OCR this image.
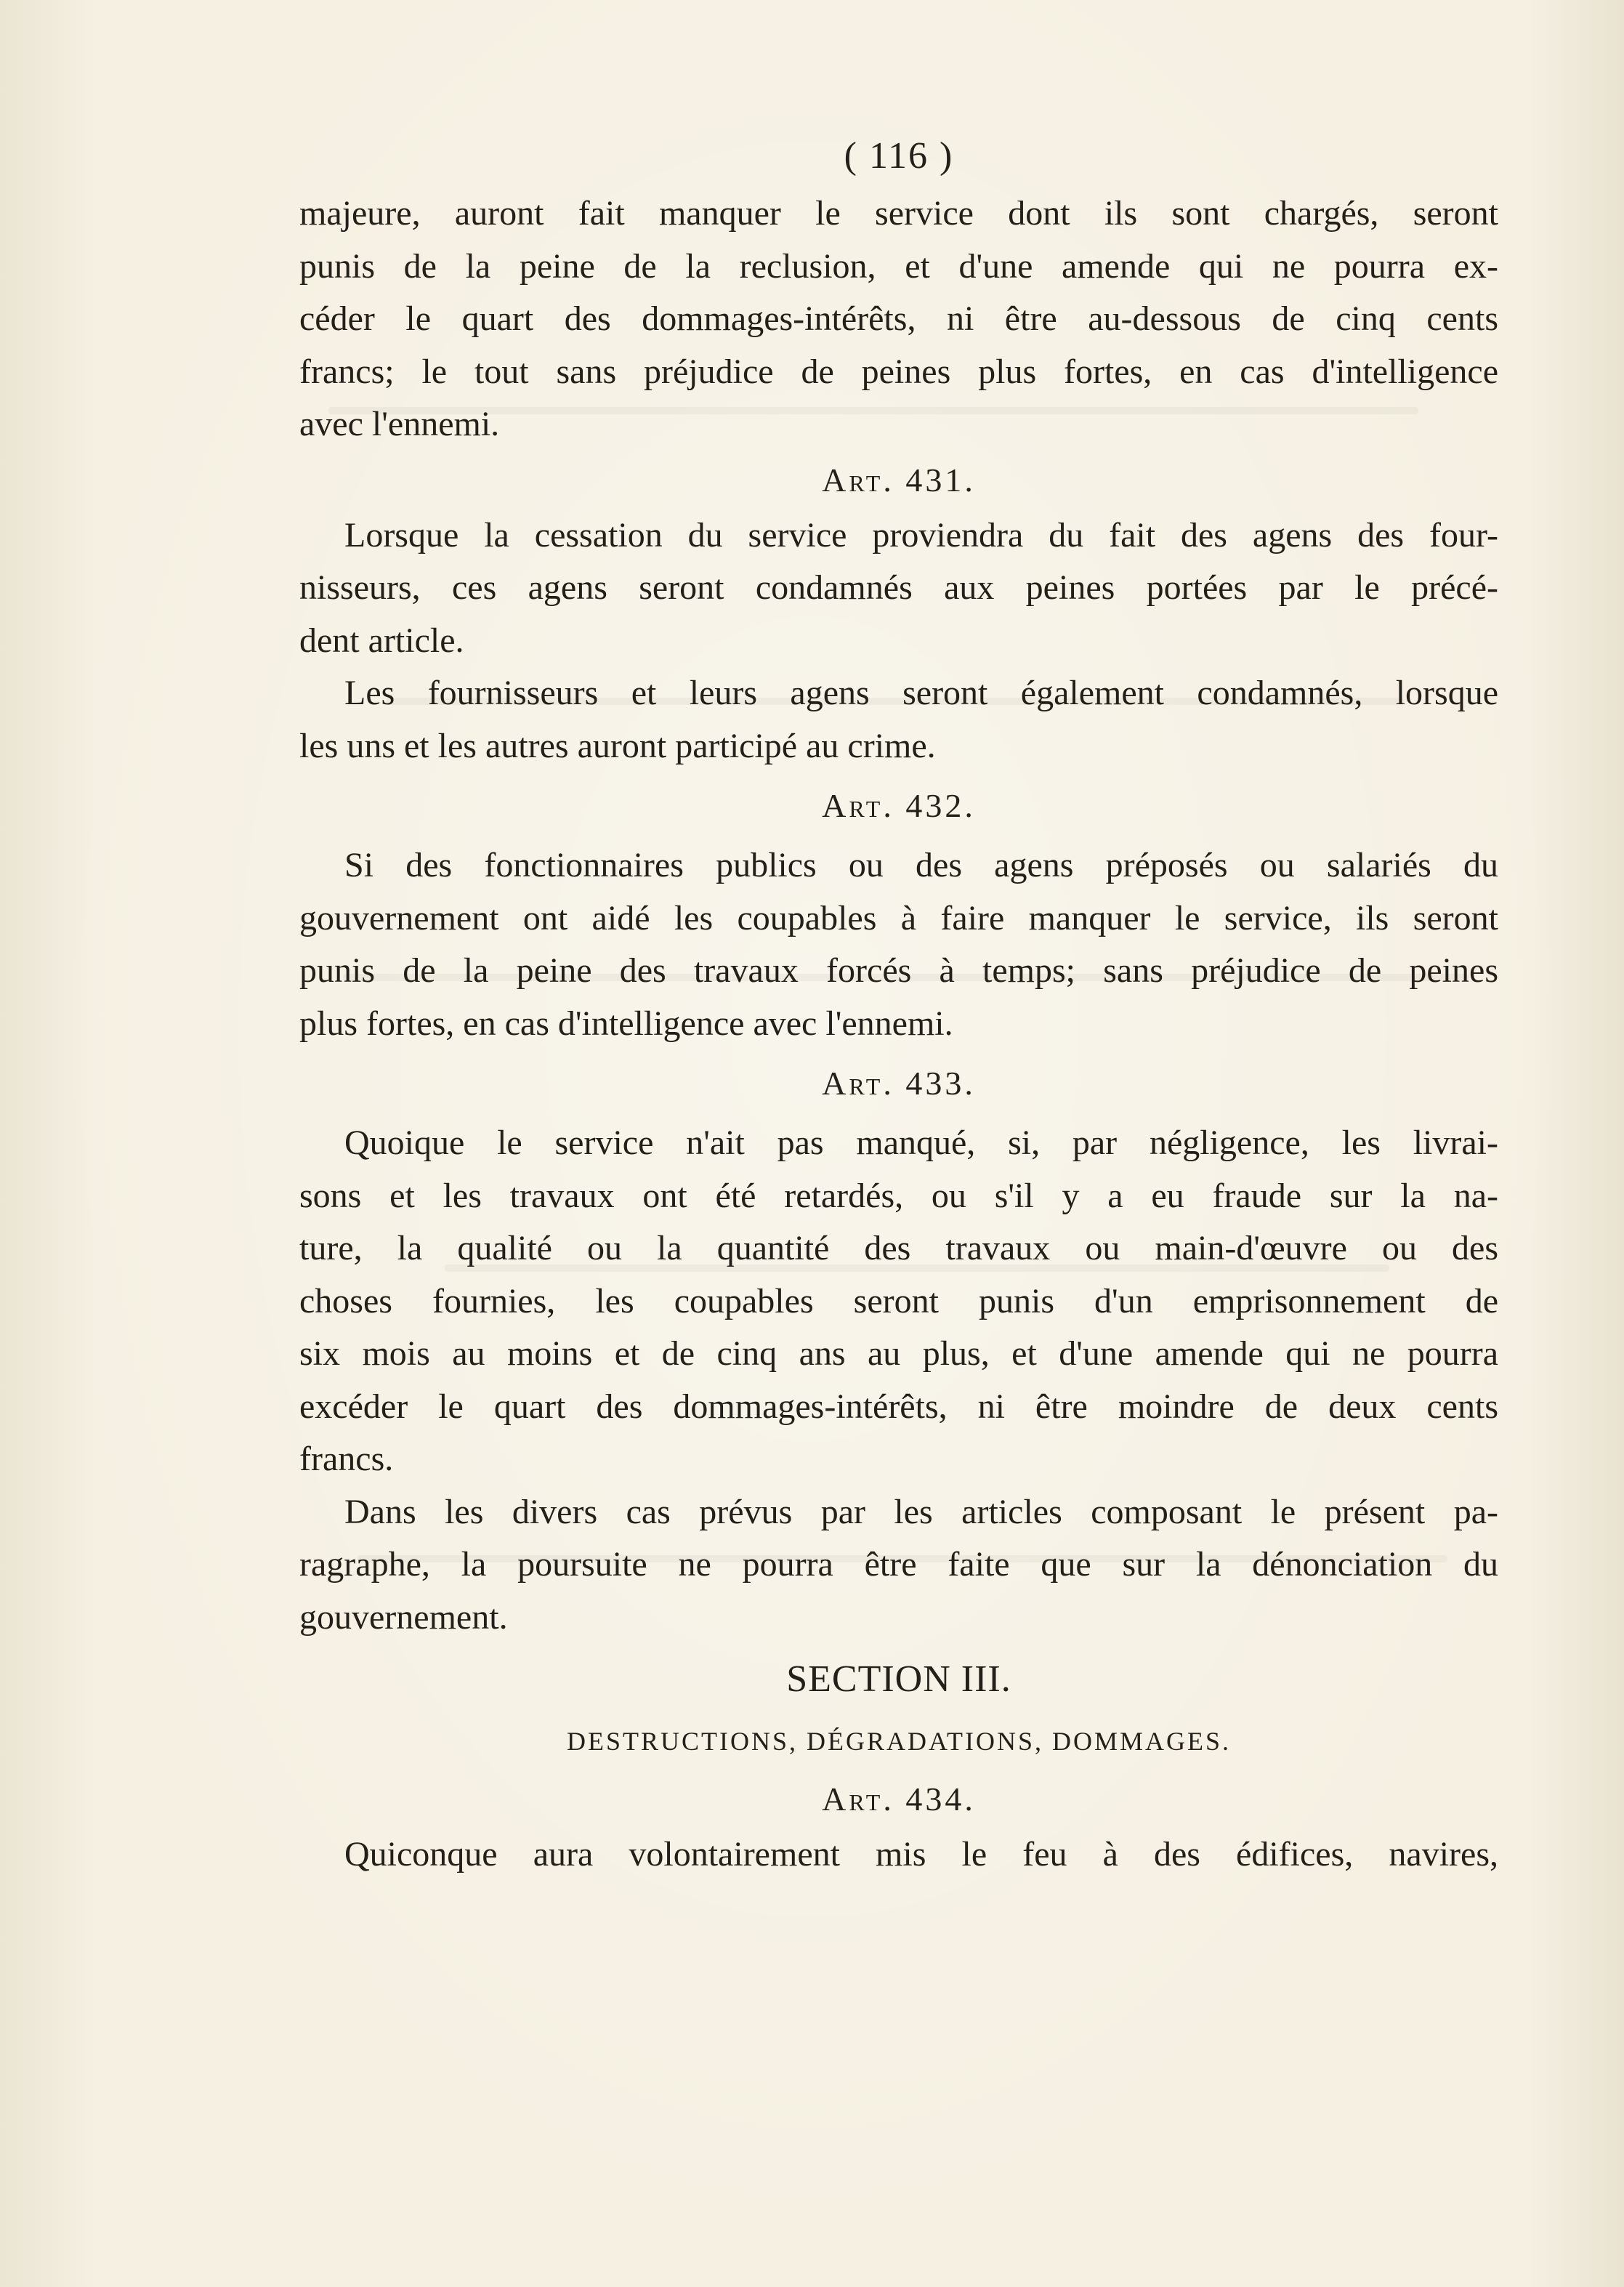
( 116 )

majeure, auront fait manquer le service dont ils sont chargés, seront
punis de la peine de la reclusion, et d'une amende qui ne pourra ex-
céder le quart des dommages-intérêts, ni être au-dessous de cinq cents
francs; le tout sans préjudice de peines plus fortes, en cas d'intelligence
avec l'ennemi.

Art. 431.

Lorsque la cessation du service proviendra du fait des agens des four-
nisseurs, ces agens seront condamnés aux peines portées par le précé-
dent article.

Les fournisseurs et leurs agens seront également condamnés, lorsque
les uns et les autres auront participé au crime.

Art. 432.

Si des fonctionnaires publics ou des agens préposés ou salariés du
gouvernement ont aidé les coupables à faire manquer le service, ils seront
punis de la peine des travaux forcés à temps; sans préjudice de peines
plus fortes, en cas d'intelligence avec l'ennemi.

Art. 433.

Quoique le service n'ait pas manqué, si, par négligence, les livrai-
sons et les travaux ont été retardés, ou s'il y a eu fraude sur la na-
ture, la qualité ou la quantité des travaux ou main-d'œuvre ou des
choses fournies, les coupables seront punis d'un emprisonnement de
six mois au moins et de cinq ans au plus, et d'une amende qui ne pourra
excéder le quart des dommages-intérêts, ni être moindre de deux cents
francs.

Dans les divers cas prévus par les articles composant le présent pa-
ragraphe, la poursuite ne pourra être faite que sur la dénonciation du
gouvernement.

SECTION III.
DESTRUCTIONS, DÉGRADATIONS, DOMMAGES.
Art. 434.

Quiconque aura volontairement mis le feu à des édifices, navires,
